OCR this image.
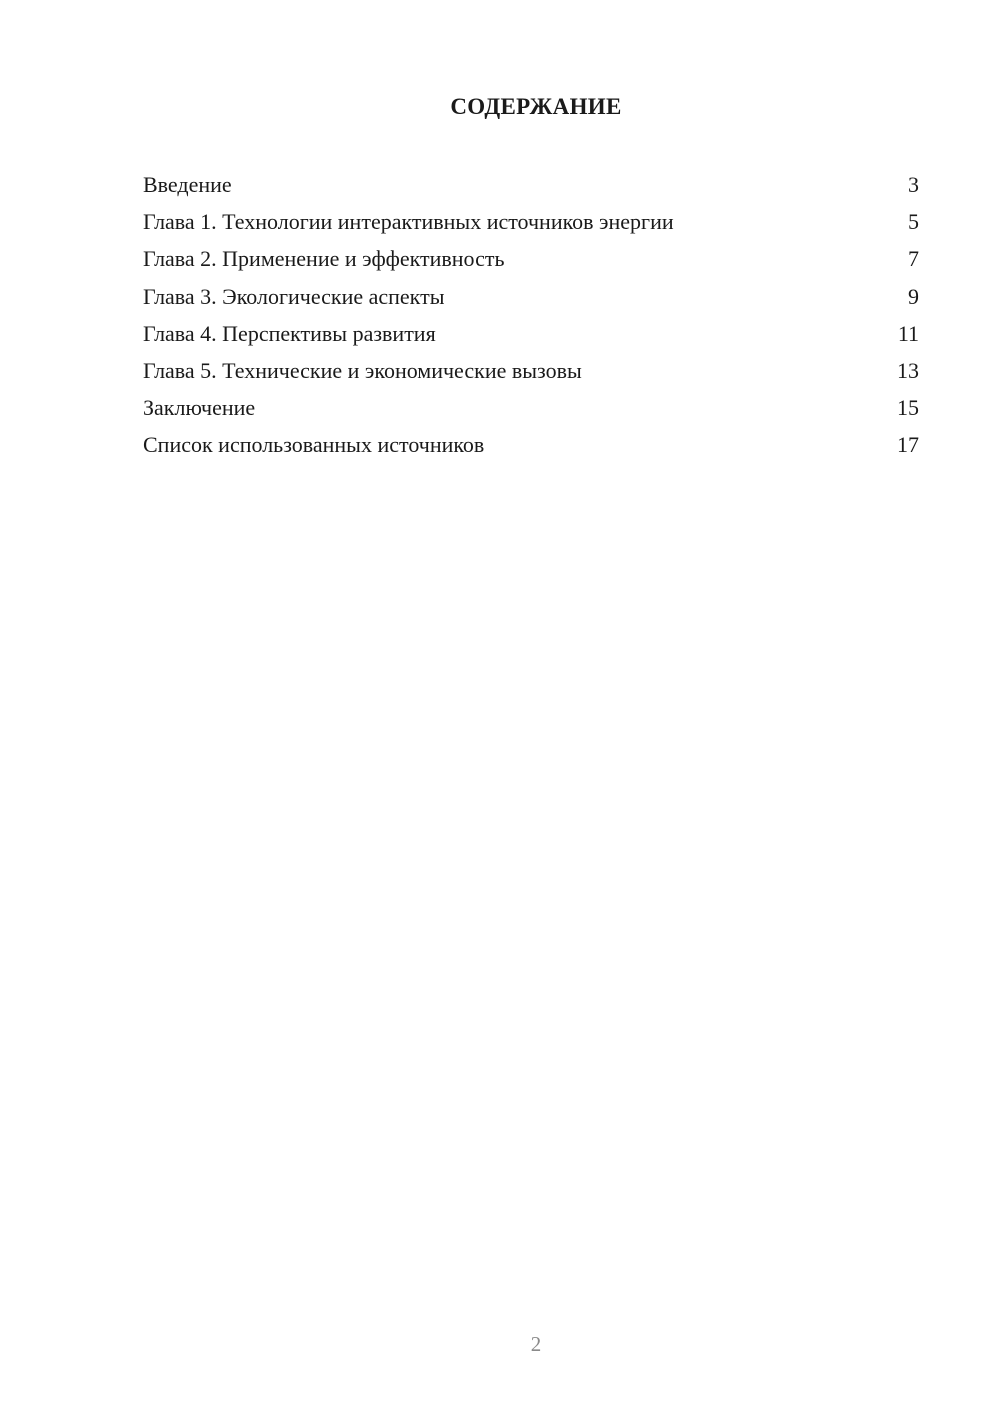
СОДЕРЖАНИЕ
Введение	3
Глава 1. Технологии интерактивных источников энергии	5
Глава 2. Применение и эффективность	7
Глава 3. Экологические аспекты	9
Глава 4. Перспективы развития	11
Глава 5. Технические и экономические вызовы	13
Заключение	15
Список использованных источников	17
2
